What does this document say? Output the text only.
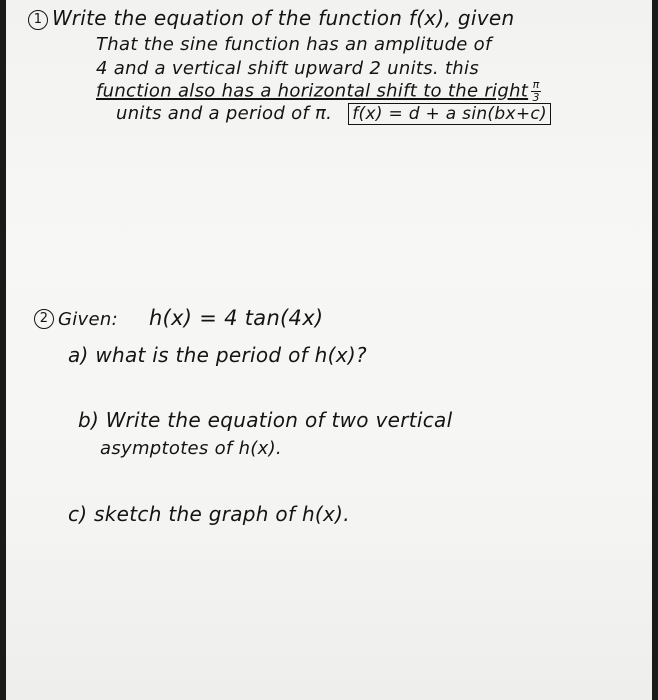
1 Write the equation of the function f(x), given
That the sine function has an amplitude of
4 and a vertical shift upward 2 units. this
function also has a horizontal shift to the right $\frac{\pi}{3}$
units and a period of π. f(x) = d + a sin(bx+c)
2 Given: h(x) = 4 tan(4x)
a) what is the period of h(x)?
b) Write the equation of two vertical
asymptotes of h(x).
c) sketch the graph of h(x).
